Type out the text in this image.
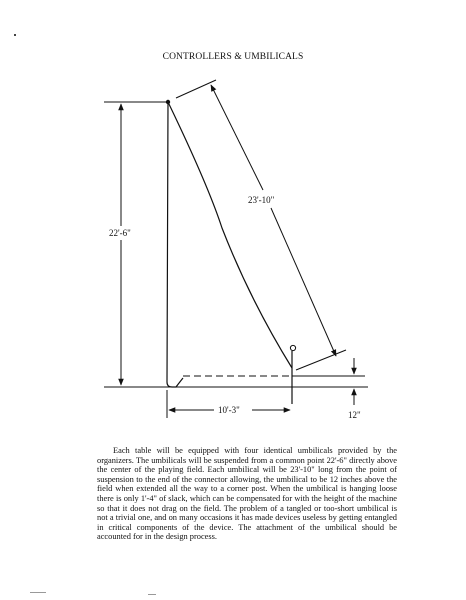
CONTROLLERS & UMBILICALS
22'-6"
23'-10"
10'-3"	12"

Each table will be equipped with four identical umbilicals provided by the organizers. The umbilicals will be suspended from a common point 22'-6" directly above the center of the playing field. Each umbilical will be 23'-10" long from the point of suspension to the end of the connector allowing, the umbilical to be 12 inches above the field when extended all the way to a corner post. When the umbilical is hanging loose there is only 1'-4" of slack, which can be compensated for with the height of the machine so that it does not drag on the field. The problem of a tangled or too-short umbilical is not a trivial one, and on many occasions it has made devices useless by getting entangled in critical components of the device. The attachment of the umbilical should be accounted for in the design process.
